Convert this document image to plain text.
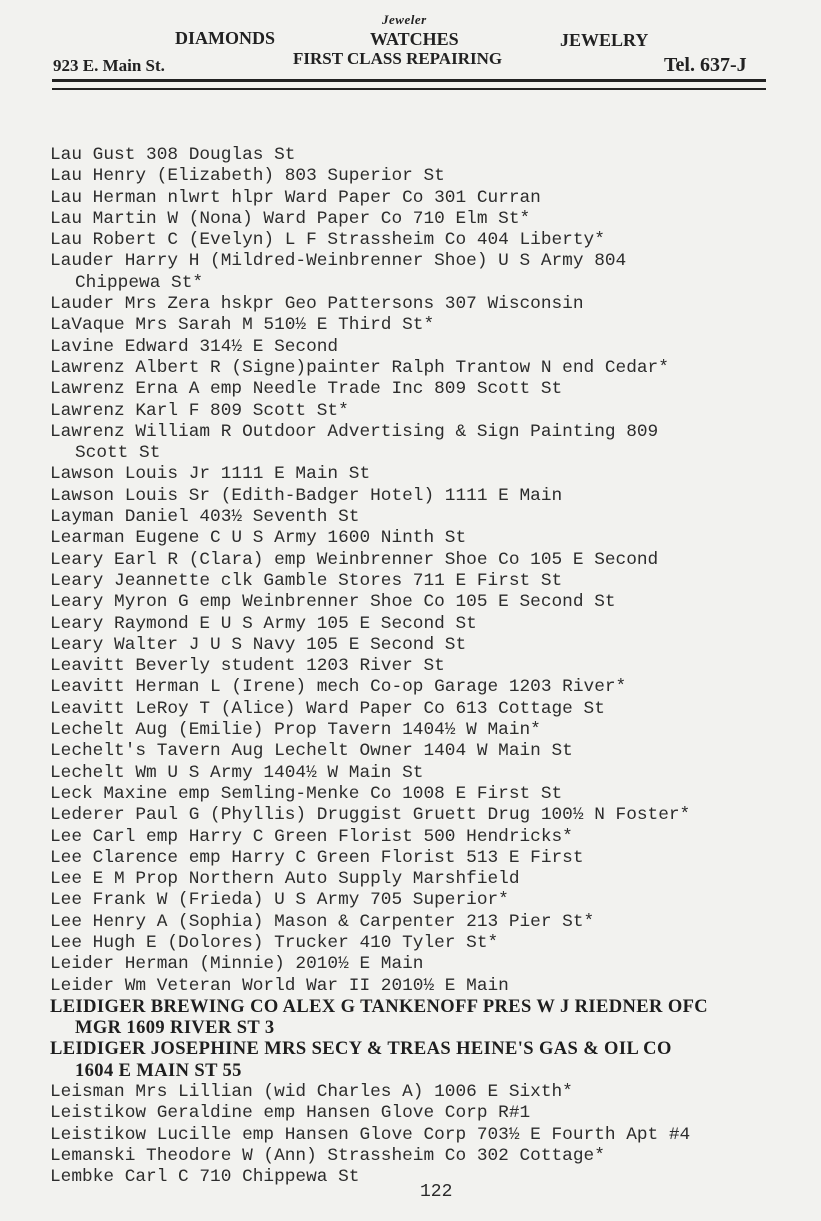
Jeweler
DIAMONDS	WATCHES	JEWELRY
923 E. Main St.	FIRST CLASS REPAIRING	Tel. 637-J
Lau Gust 308 Douglas St
Lau Henry (Elizabeth) 803 Superior St
Lau Herman nlwrt hlpr Ward Paper Co 301 Curran
Lau Martin W (Nona) Ward Paper Co 710 Elm St*
Lau Robert C (Evelyn) L F Strassheim Co 404 Liberty*
Lauder Harry H (Mildred-Weinbrenner Shoe) U S Army 804
Chippewa St*
Lauder Mrs Zera hskpr Geo Pattersons 307 Wisconsin
LaVaque Mrs Sarah M 510½ E Third St*
Lavine Edward 314½ E Second
Lawrenz Albert R (Signe)painter Ralph Trantow N end Cedar*
Lawrenz Erna A emp Needle Trade Inc 809 Scott St
Lawrenz Karl F 809 Scott St*
Lawrenz William R Outdoor Advertising & Sign Painting 809
Scott St
Lawson Louis Jr 1111 E Main St
Lawson Louis Sr (Edith-Badger Hotel) 1111 E Main
Layman Daniel 403½ Seventh St
Learman Eugene C U S Army 1600 Ninth St
Leary Earl R (Clara) emp Weinbrenner Shoe Co 105 E Second
Leary Jeannette clk Gamble Stores 711 E First St
Leary Myron G emp Weinbrenner Shoe Co 105 E Second St
Leary Raymond E U S Army 105 E Second St
Leary Walter J U S Navy 105 E Second St
Leavitt Beverly student 1203 River St
Leavitt Herman L (Irene) mech Co-op Garage 1203 River*
Leavitt LeRoy T (Alice) Ward Paper Co 613 Cottage St
Lechelt Aug (Emilie) Prop Tavern 1404½ W Main*
Lechelt's Tavern Aug Lechelt Owner 1404 W Main St
Lechelt Wm U S Army 1404½ W Main St
Leck Maxine emp Semling-Menke Co 1008 E First St
Lederer Paul G (Phyllis) Druggist Gruett Drug 100½ N Foster*
Lee Carl emp Harry C Green Florist 500 Hendricks*
Lee Clarence emp Harry C Green Florist 513 E First
Lee E M Prop Northern Auto Supply Marshfield
Lee Frank W (Frieda) U S Army 705 Superior*
Lee Henry A (Sophia) Mason & Carpenter 213 Pier St*
Lee Hugh E (Dolores) Trucker 410 Tyler St*
Leider Herman (Minnie) 2010½ E Main
Leider Wm Veteran World War II 2010½ E Main
LEIDIGER BREWING CO ALEX G TANKENOFF PRES W J RIEDNER OFC
MGR 1609 RIVER ST 3
LEIDIGER JOSEPHINE MRS SECY & TREAS HEINE'S GAS & OIL CO
1604 E MAIN ST 55
Leisman Mrs Lillian (wid Charles A) 1006 E Sixth*
Leistikow Geraldine emp Hansen Glove Corp R#1
Leistikow Lucille emp Hansen Glove Corp 703½ E Fourth Apt #4
Lemanski Theodore W (Ann) Strassheim Co 302 Cottage*
Lembke Carl C 710 Chippewa St
122
